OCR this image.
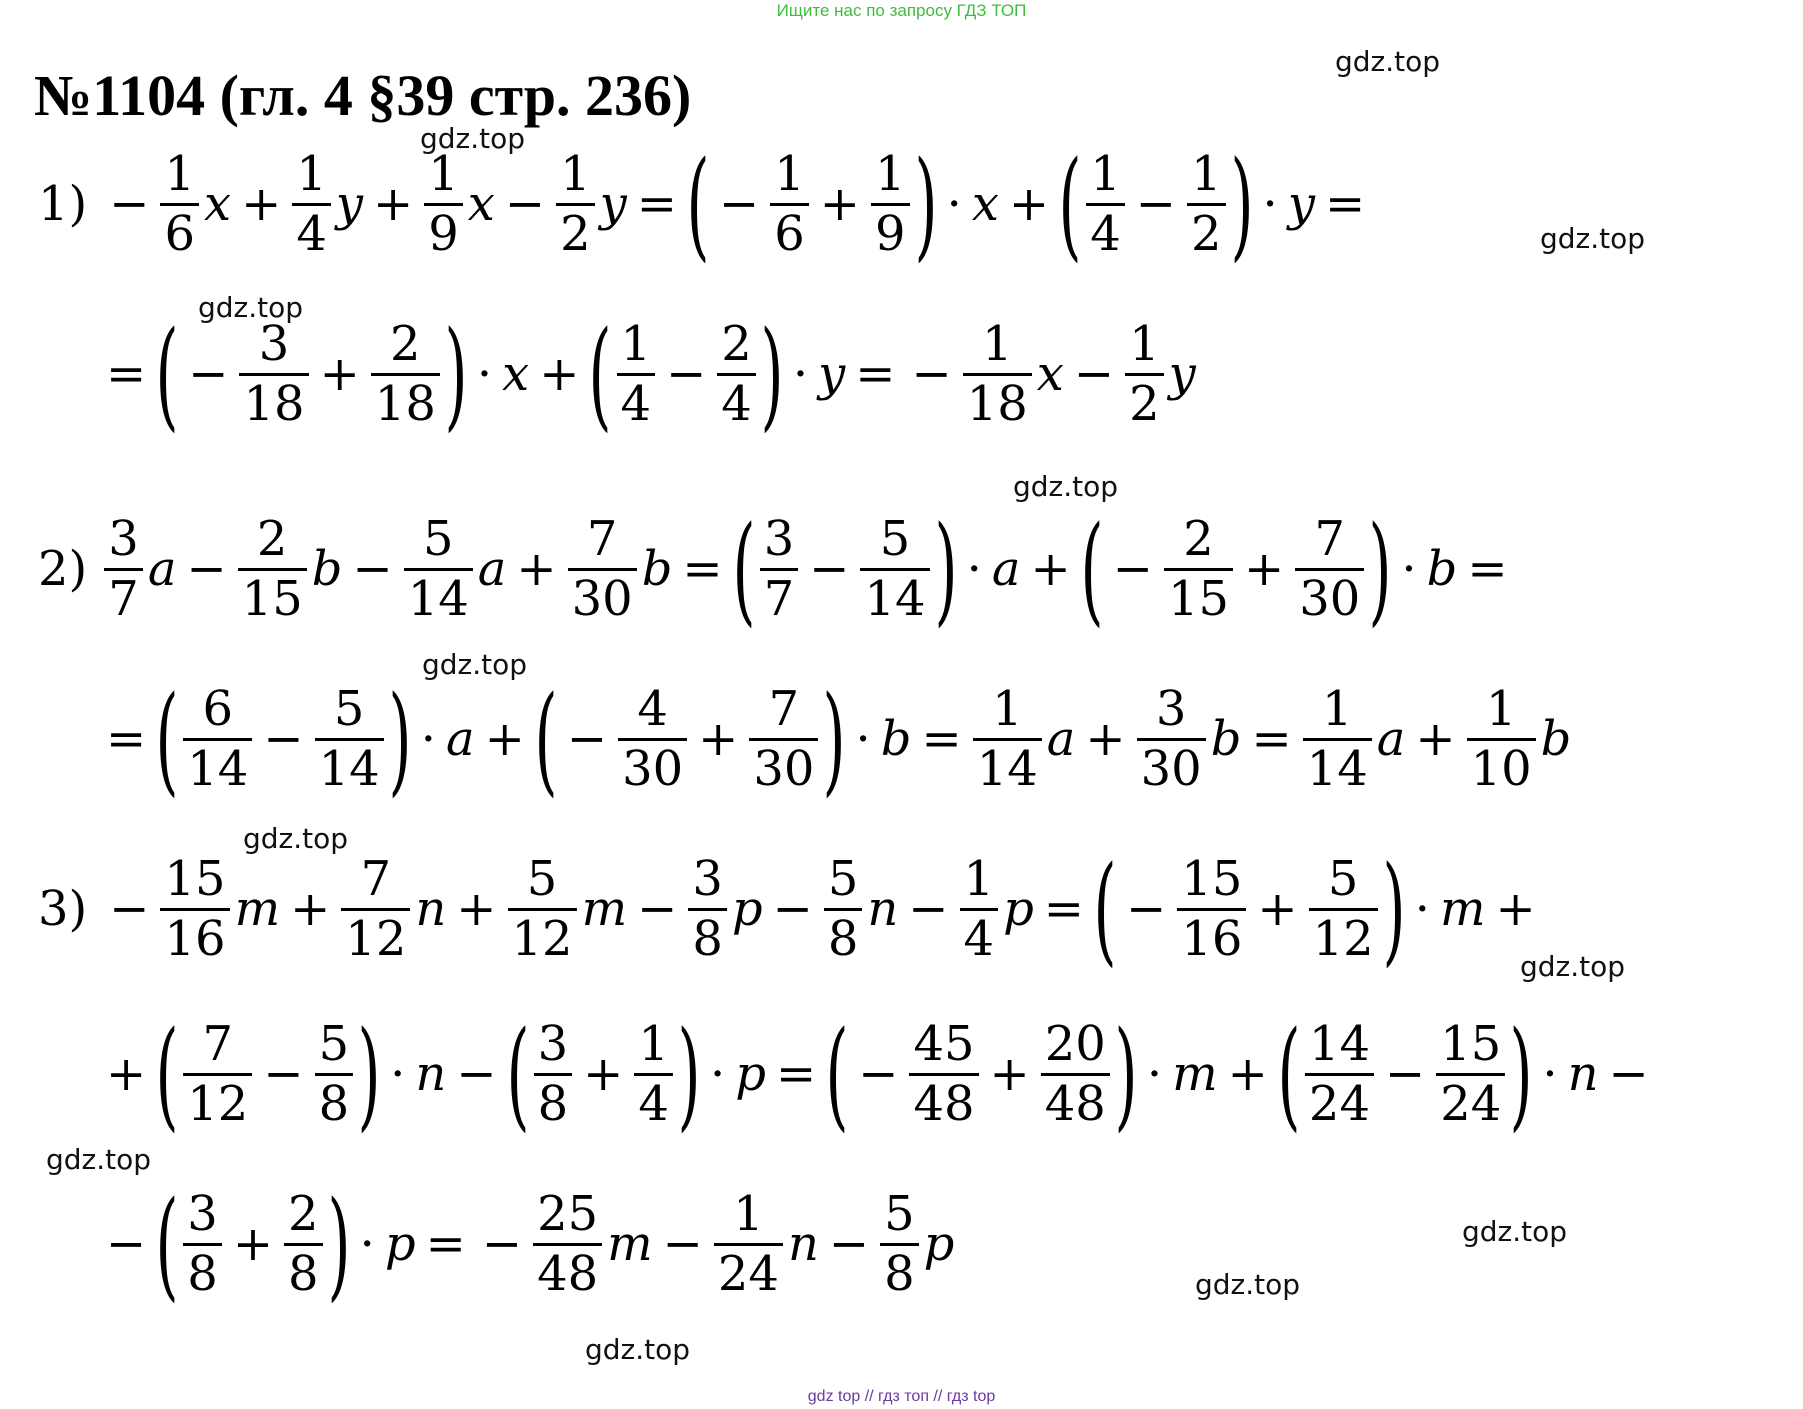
Ищите нас по запросу ГДЗ ТОП
№1104 (гл. 4 §39 стр. 236)
$1) - \frac{1}{6}$ $x + \frac{1}{4}$ $y + \frac{1}{9}$ $x - \frac{1}{2}$ y = ( − $\frac{1}{6} + \frac{1}{9}$ ) · x + ( $\frac{1}{4} - \frac{1}{2}$ ) · y =
= ( − $\frac{3}{18} + \frac{2}{18}$ ) · x + ( $\frac{1}{4} - \frac{2}{4}$ ) · y = − $\frac{1}{18}$ $x - \frac{1}{2}$ y
$2) \frac{3}{7}$ $a - \frac{2}{15}$ $b - \frac{5}{14}$ $a + \frac{7}{30}$ b = ( $\frac{3}{7} - \frac{5}{14}$ ) · a + ( − $\frac{2}{15} + \frac{7}{30}$ ) · b =
= ( $\frac{6}{14} - \frac{5}{14}$ ) · a + ( − $\frac{4}{30} + \frac{7}{30}$ ) · $b = \frac{1}{14}$ $a + \frac{3}{30}$ $b = \frac{1}{14}$ $a + \frac{1}{10}$ b
$3) - \frac{15}{16}$ $m + \frac{7}{12}$ $n + \frac{5}{12}$ $m - \frac{3}{8}$ $p - \frac{5}{8}$ $n - \frac{1}{4}$ p = ( − $\frac{15}{16} + \frac{5}{12}$ ) · m +
+ ( $\frac{7}{12} - \frac{5}{8}$ ) · n − ( $\frac{3}{8} + \frac{1}{4}$ ) · p = ( − $\frac{45}{48} + \frac{20}{48}$ ) · m + ( $\frac{14}{24} - \frac{15}{24}$ ) · n −
− ( $\frac{3}{8} + \frac{2}{8}$ ) · p = − $\frac{25}{48}$ $m - \frac{1}{24}$ $n - \frac{5}{8}$ p
gdz.top
gdz.top
gdz.top
gdz.top
gdz.top
gdz.top
gdz.top
gdz.top
gdz.top
gdz.top
gdz.top
gdz.top
gdz top // гдз топ // гдз top
